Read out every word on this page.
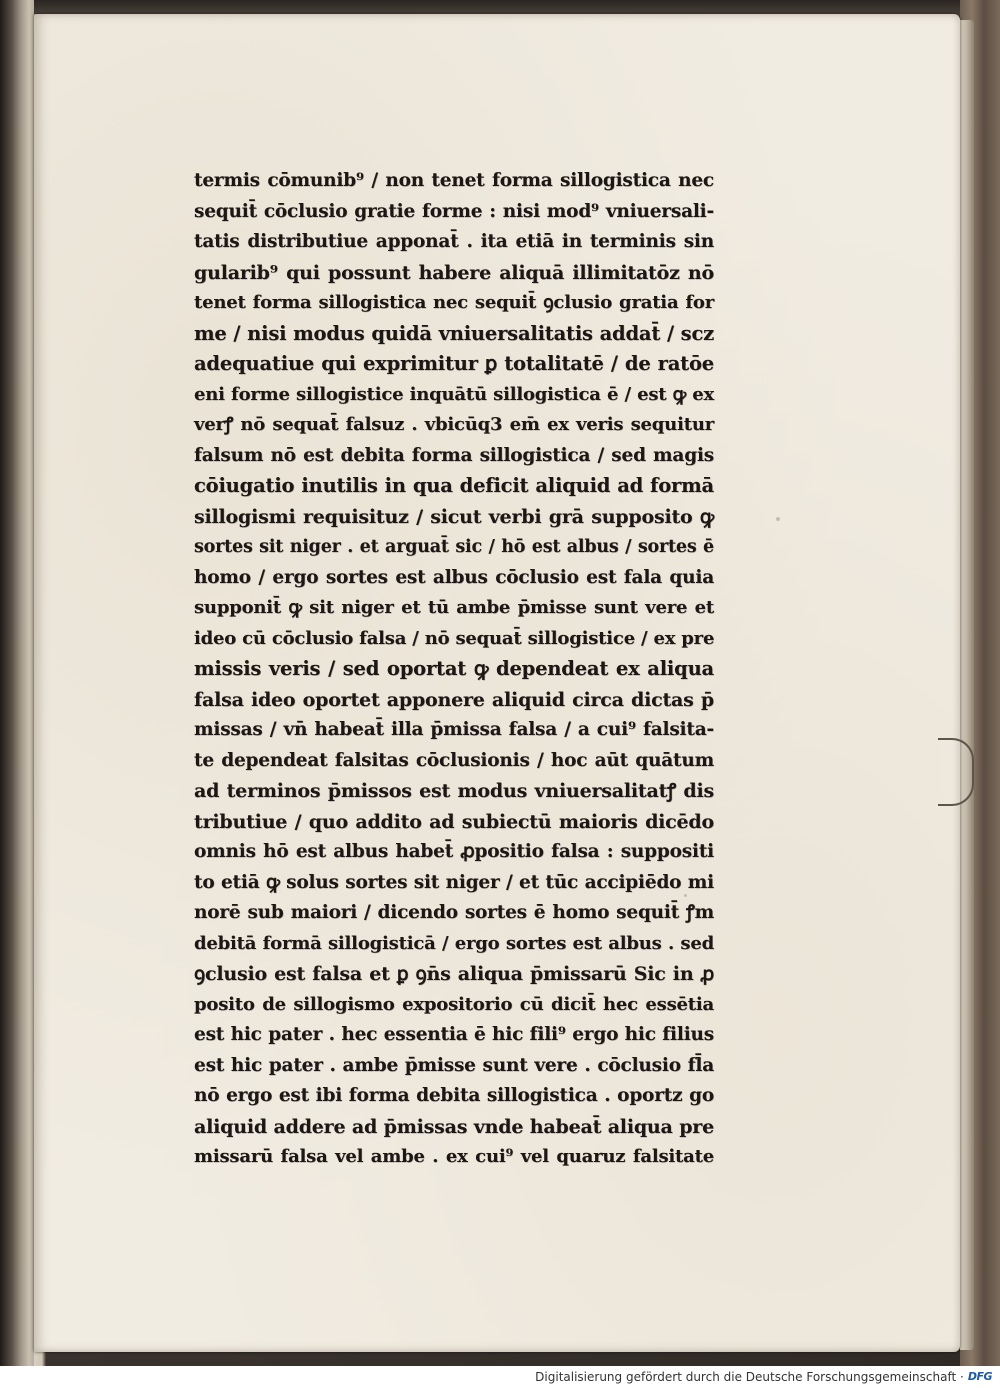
termis cōmunib⁹ / non tenet forma sillogistica nec
sequit̄ cōclusio gratie forme : nisi mod⁹ vniuersali-
tatis distributiue apponat̄ . ita etiā in terminis sin
gularib⁹ qui possunt habere aliquā illimitatōz nō
tenet forma sillogistica nec sequit̄ ꝯclusio gratia for
me / nisi modus quidā vniuersalitatis addat̄ / scz
adequatiue qui exprimitur ꝑ totalitatē / de ratōe
eni forme sillogistice inquātū sillogistica ē / est ꝙ ex
verꝭ nō sequat̄ falsuz . vbicūq3 em̄ ex veris sequitur
falsum nō est debita forma sillogistica / sed magis
cōiugatio inutilis in qua deficit aliquid ad formā
sillogismi requisituz / sicut verbi grā supposito ꝙ
sortes sit niger . et arguat̄ sic / hō est albus / sortes ē
homo / ergo sortes est albus cōclusio est fala quia
supponit̄ ꝙ sit niger et tū ambe p̄misse sunt vere et
ideo cū cōclusio falsa / nō sequat̄ sillogistice / ex pre
missis veris / sed oportat ꝙ dependeat ex aliqua
falsa ideo oportet apponere aliquid circa dictas p̄
missas / vn̄ habeat̄ illa p̄missa falsa / a cui⁹ falsita-
te dependeat falsitas cōclusionis / hoc aūt quātum
ad terminos p̄missos est modus vniuersalitatꝭ dis
tributiue / quo addito ad subiectū maioris dicēdo
omnis hō est albus habet̄ ꝓpositio falsa : suppositi
to etiā ꝙ solus sortes sit niger / et tūc accipiēdo mi
norē sub maiori / dicendo sortes ē homo sequit̄ ꝭm
debitā formā sillogisticā / ergo sortes est albus . sed
ꝯclusio est falsa et ꝑ ꝯn̄s aliqua p̄missarū Sic in ꝓ
posito de sillogismo expositorio cū dicit̄ hec essētia
est hic pater . hec essentia ē hic fili⁹ ergo hic filius
est hic pater . ambe p̄misse sunt vere . cōclusio fl̄a
nō ergo est ibi forma debita sillogistica . oportz go
aliquid addere ad p̄missas vnde habeat̄ aliqua pre
missarū falsa vel ambe . ex cui⁹ vel quaruz falsitate
Digitalisierung gefördert durch die Deutsche Forschungsgemeinschaft · DFG
